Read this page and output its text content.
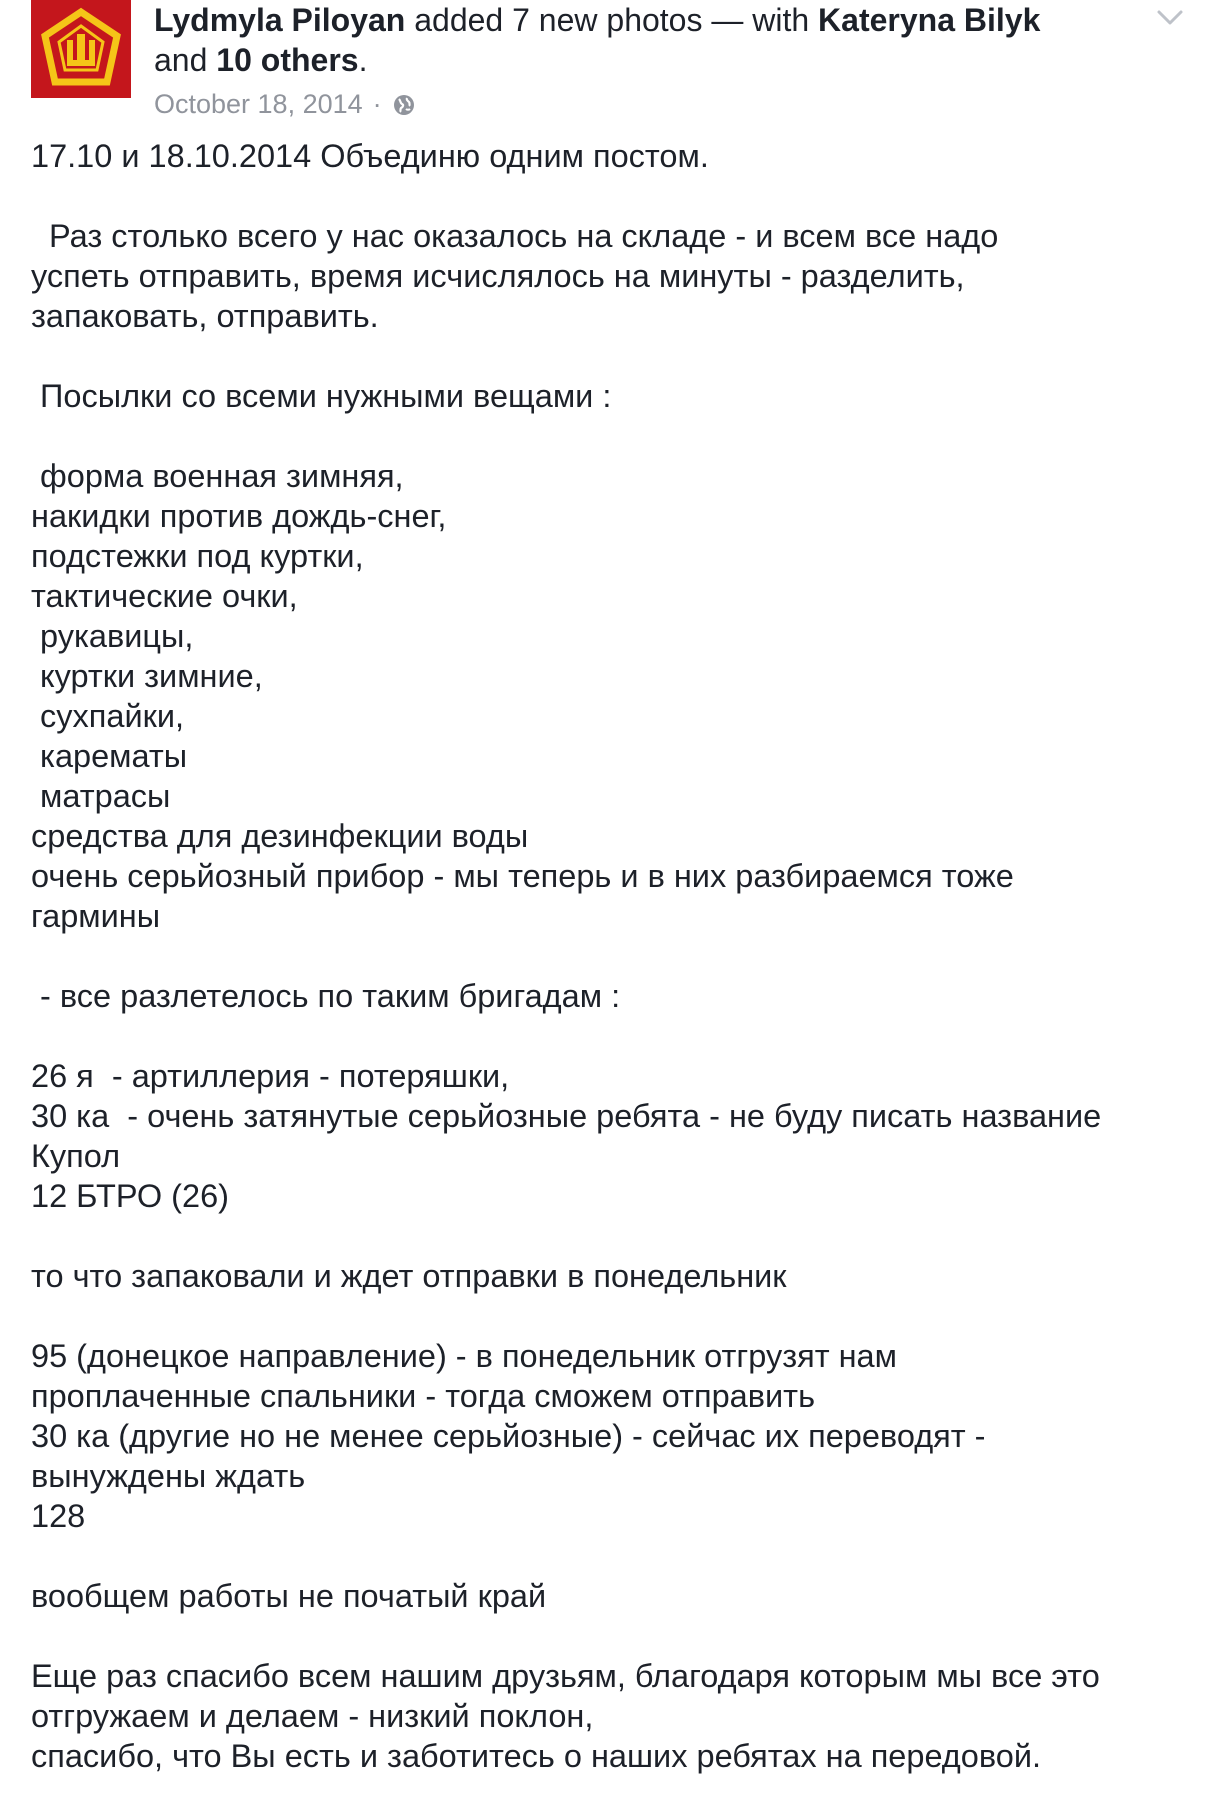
Lydmyla Piloyan added 7 new photos — with Kateryna Bilyk
and 10 others.
October 18, 2014 ·
17.10 и 18.10.2014 Объединю одним постом.
Раз столько всего у нас оказалось на складе - и всем все надо
успеть отправить, время исчислялось на минуты - разделить,
запаковать, отправить.
Посылки со всеми нужными вещами :
форма военная зимняя,
накидки против дождь-снег,
подстежки под куртки,
тактические очки,
рукавицы,
куртки зимние,
сухпайки,
карематы
матрасы
средства для дезинфекции воды
очень серьйозный прибор - мы теперь и в них разбираемся тоже
гармины
- все разлетелось по таким бригадам :
26 я  - артиллерия - потеряшки,
30 ка  - очень затянутые серьйозные ребята - не буду писать название
Купол
12 БТРО (26)
то что запаковали и ждет отправки в понедельник
95 (донецкое направление) - в понедельник отгрузят нам
проплаченные спальники - тогда сможем отправить
30 ка (другие но не менее серьйозные) - сейчас их переводят -
вынуждены ждать
128
вообщем работы не початый край
Еще раз спасибо всем нашим друзьям, благодаря которым мы все это
отгружаем и делаем - низкий поклон,
спасибо, что Вы есть и заботитесь о наших ребятах на передовой.
